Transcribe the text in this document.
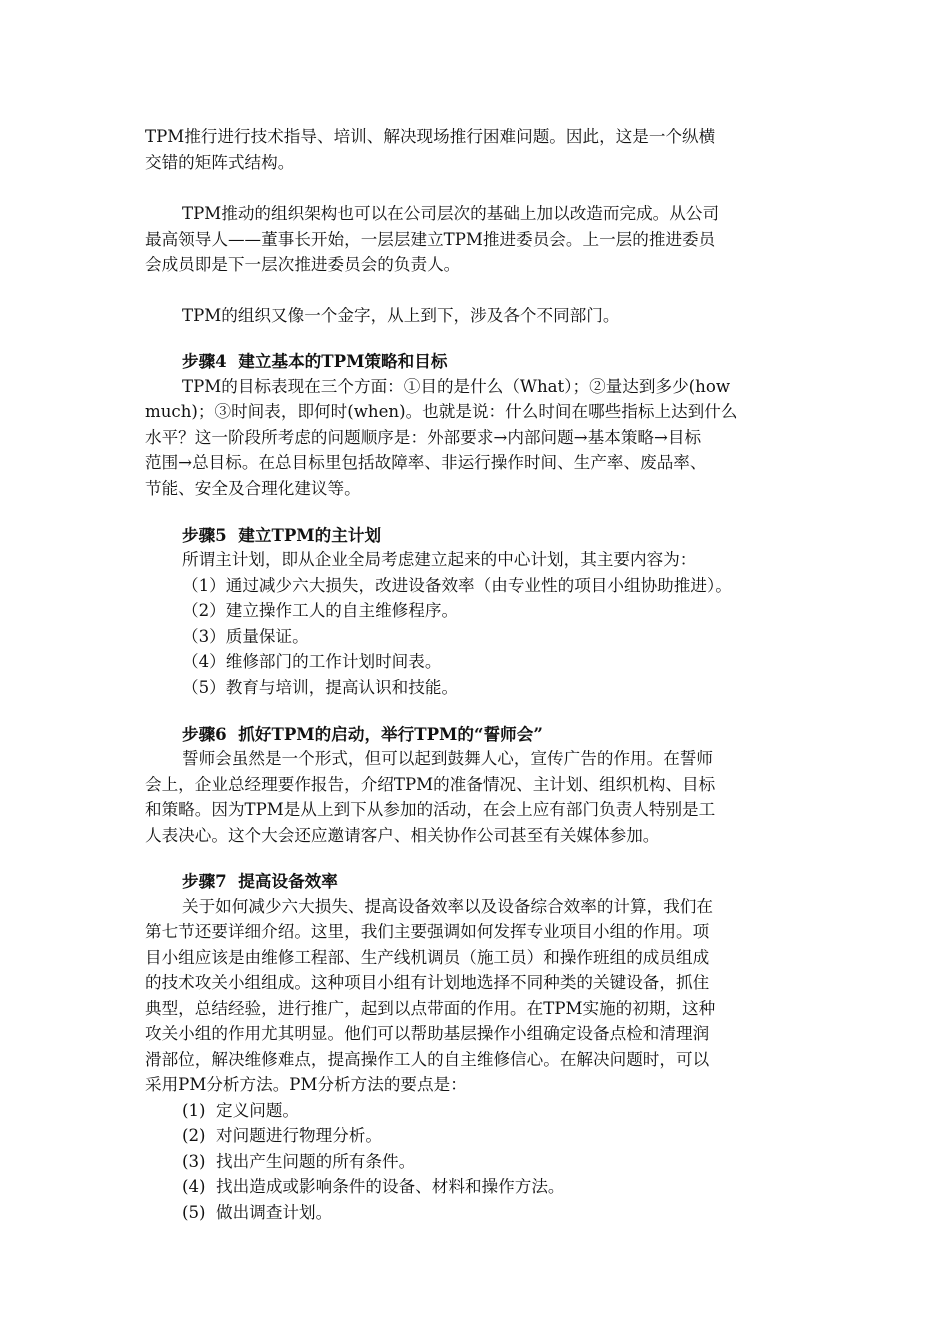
TPM推行进行技术指导、培训、解决现场推行困难问题。因此，这是一个纵横
交错的矩阵式结构。
TPM推动的组织架构也可以在公司层次的基础上加以改造而完成。从公司
最高领导人——董事长开始，一层层建立TPM推进委员会。上一层的推进委员
会成员即是下一层次推进委员会的负责人。
TPM的组织又像一个金字，从上到下，涉及各个不同部门。
步骤4  建立基本的TPM策略和目标
TPM的目标表现在三个方面：①目的是什么（What）；②量达到多少(how
much)；③时间表，即何时(when)。也就是说：什么时间在哪些指标上达到什么
水平？这一阶段所考虑的问题顺序是：外部要求→内部问题→基本策略→目标
范围→总目标。在总目标里包括故障率、非运行操作时间、生产率、废品率、
节能、安全及合理化建议等。
步骤5  建立TPM的主计划
所谓主计划，即从企业全局考虑建立起来的中心计划，其主要内容为：
（1）通过减少六大损失，改进设备效率（由专业性的项目小组协助推进）。
（2）建立操作工人的自主维修程序。
（3）质量保证。
（4）维修部门的工作计划时间表。
（5）教育与培训，提高认识和技能。
步骤6  抓好TPM的启动，举行TPM的“誓师会”
誓师会虽然是一个形式，但可以起到鼓舞人心，宣传广告的作用。在誓师
会上，企业总经理要作报告，介绍TPM的准备情况、主计划、组织机构、目标
和策略。因为TPM是从上到下从参加的活动，在会上应有部门负责人特别是工
人表决心。这个大会还应邀请客户、相关协作公司甚至有关媒体参加。
步骤7  提高设备效率
关于如何减少六大损失、提高设备效率以及设备综合效率的计算，我们在
第七节还要详细介绍。这里，我们主要强调如何发挥专业项目小组的作用。项
目小组应该是由维修工程部、生产线机调员（施工员）和操作班组的成员组成
的技术攻关小组组成。这种项目小组有计划地选择不同种类的关键设备，抓住
典型，总结经验，进行推广，起到以点带面的作用。在TPM实施的初期，这种
攻关小组的作用尤其明显。他们可以帮助基层操作小组确定设备点检和清理润
滑部位，解决维修难点，提高操作工人的自主维修信心。在解决问题时，可以
采用PM分析方法。PM分析方法的要点是：
(1)  定义问题。
(2)  对问题进行物理分析。
(3)  找出产生问题的所有条件。
(4)  找出造成或影响条件的设备、材料和操作方法。
(5)  做出调查计划。
